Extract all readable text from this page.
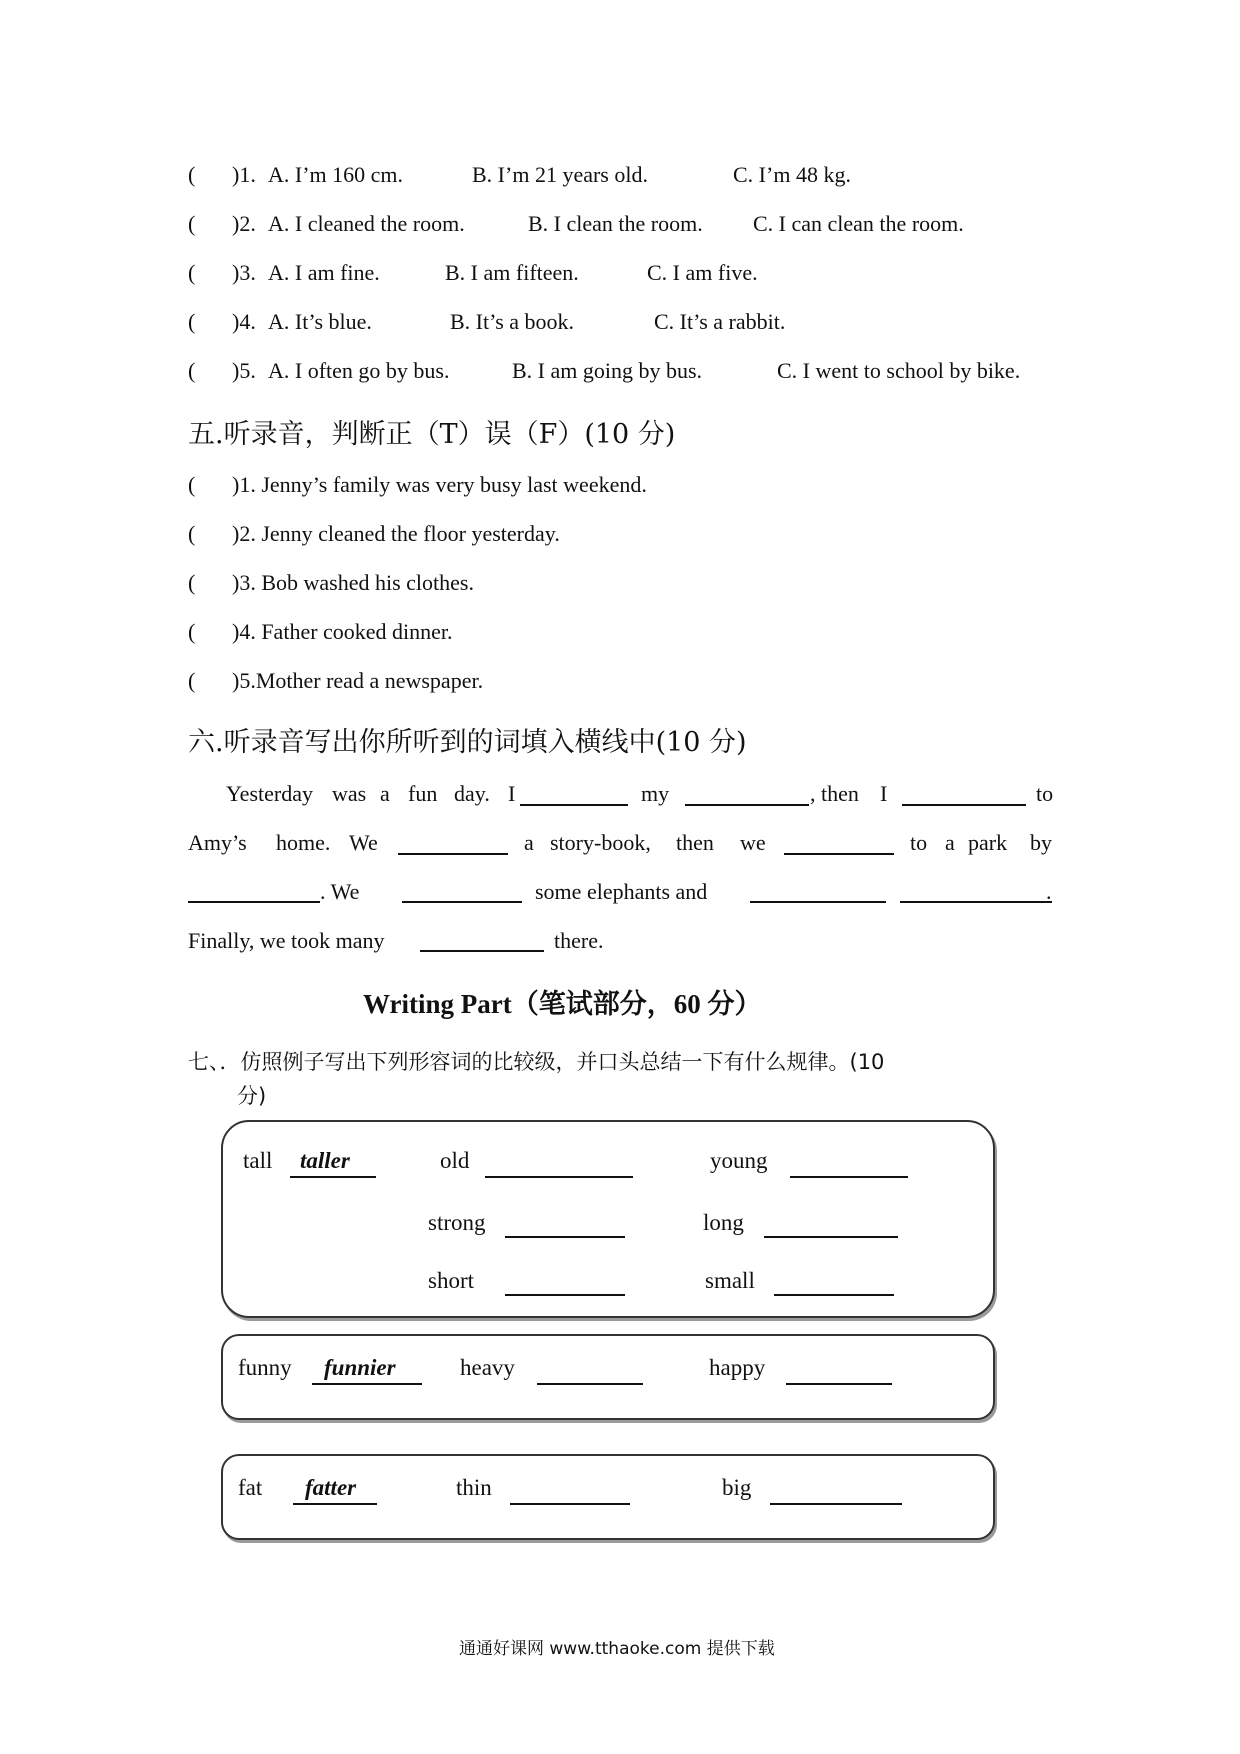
( )1. A. I’m 160 cm.	B. I’m 21 years old.	C. I’m 48 kg.
( )2. A. I cleaned the room.	B. I clean the room. C. I can clean the room.
( )3. A. I am fine.	B. I am fifteen.	C. I am five.
( )4. A. It’s blue.	B. It’s a book.	C. It’s a rabbit.
( )5. A. I often go by bus.	B. I am going by bus.	C. I went to school by bike.
五.听录音，判断正（T）误（F）(10 分)
( )1. Jenny’s family was very busy last weekend.
( )2. Jenny cleaned the floor yesterday.
( )3. Bob washed his clothes.
( )4. Father cooked dinner.
( )5.Mother read a newspaper.
六.听录音写出你所听到的词填入横线中(10 分)
Yesterday was a fun day. I	my	, then I	to
Amy’s home. We	a story-book, then we	to a park by
. We	some elephants and	.
Finally, we took many	there.
Writing Part（笔试部分，60 分）
七、．仿照例子写出下列形容词的比较级，并口头总结一下有什么规律。(10
分)
tall taller	old	young
strong	long
short	small
funny funnier	heavy	happy
fat fatter	thin	big
通通好课网 www.tthaoke.com 提供下载
